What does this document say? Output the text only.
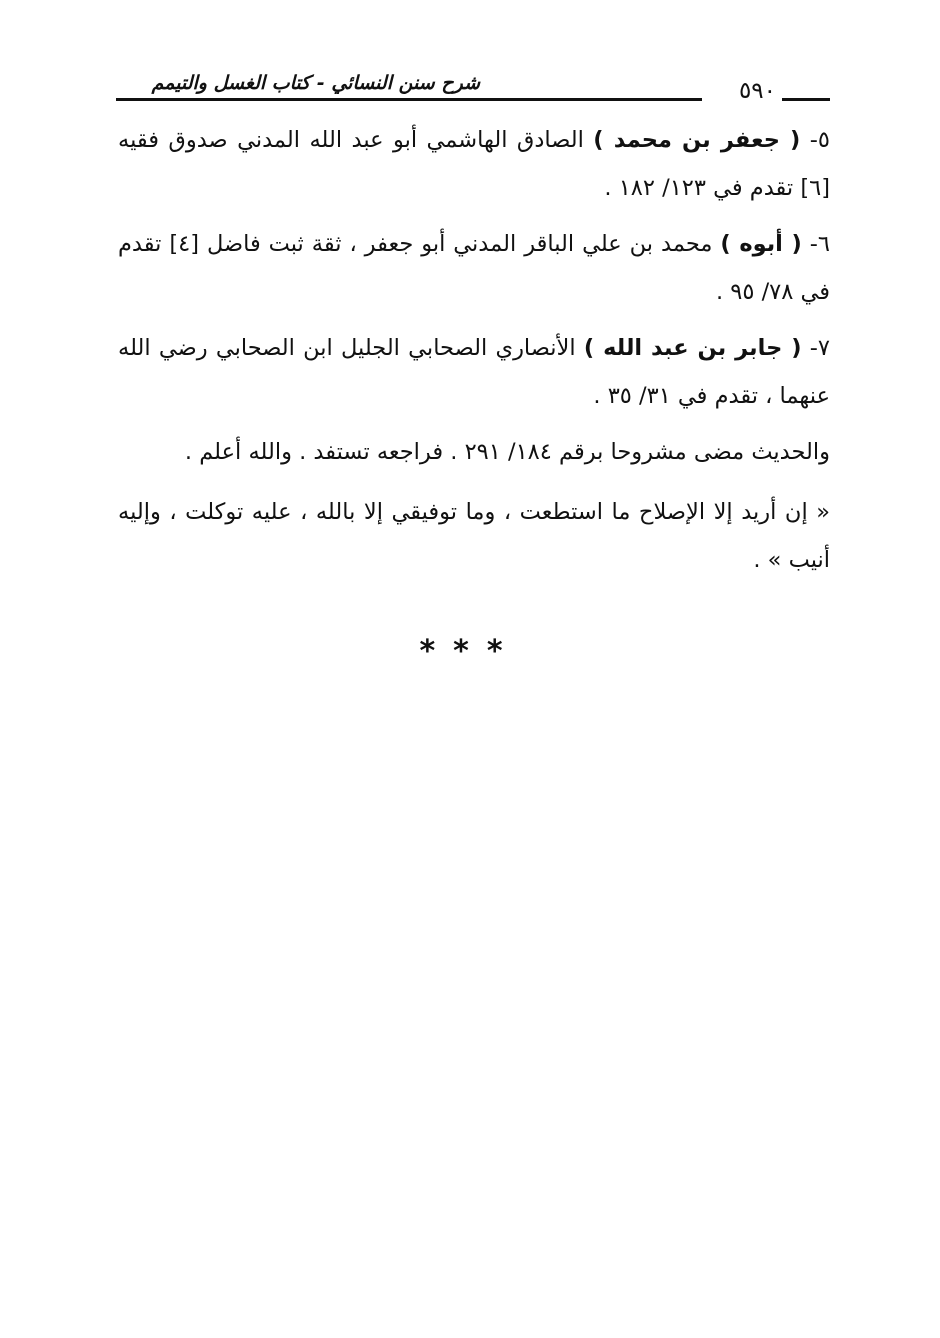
شرح سنن النسائي - كتاب الغسل والتيمم	٥٩٠

٥- ( جعفر بن محمد ) الصادق الهاشمي أبو عبد الله المدني صدوق فقيه [٦] تقدم في ١٢٣/ ١٨٢ .

٦- ( أبوه ) محمد بن علي الباقر المدني أبو جعفر ، ثقة ثبت فاضل [٤] تقدم في ٧٨/ ٩٥ .

٧- ( جابر بن عبد الله ) الأنصاري الصحابي الجليل ابن الصحابي رضي الله عنهما ، تقدم في ٣١/ ٣٥ .

والحديث مضى مشروحا برقم ١٨٤/ ٢٩١ . فراجعه تستفد . والله أعلم .

« إن أريد إلا الإصلاح ما استطعت ، وما توفيقي إلا بالله ، عليه توكلت ، وإليه أنيب » .

***
